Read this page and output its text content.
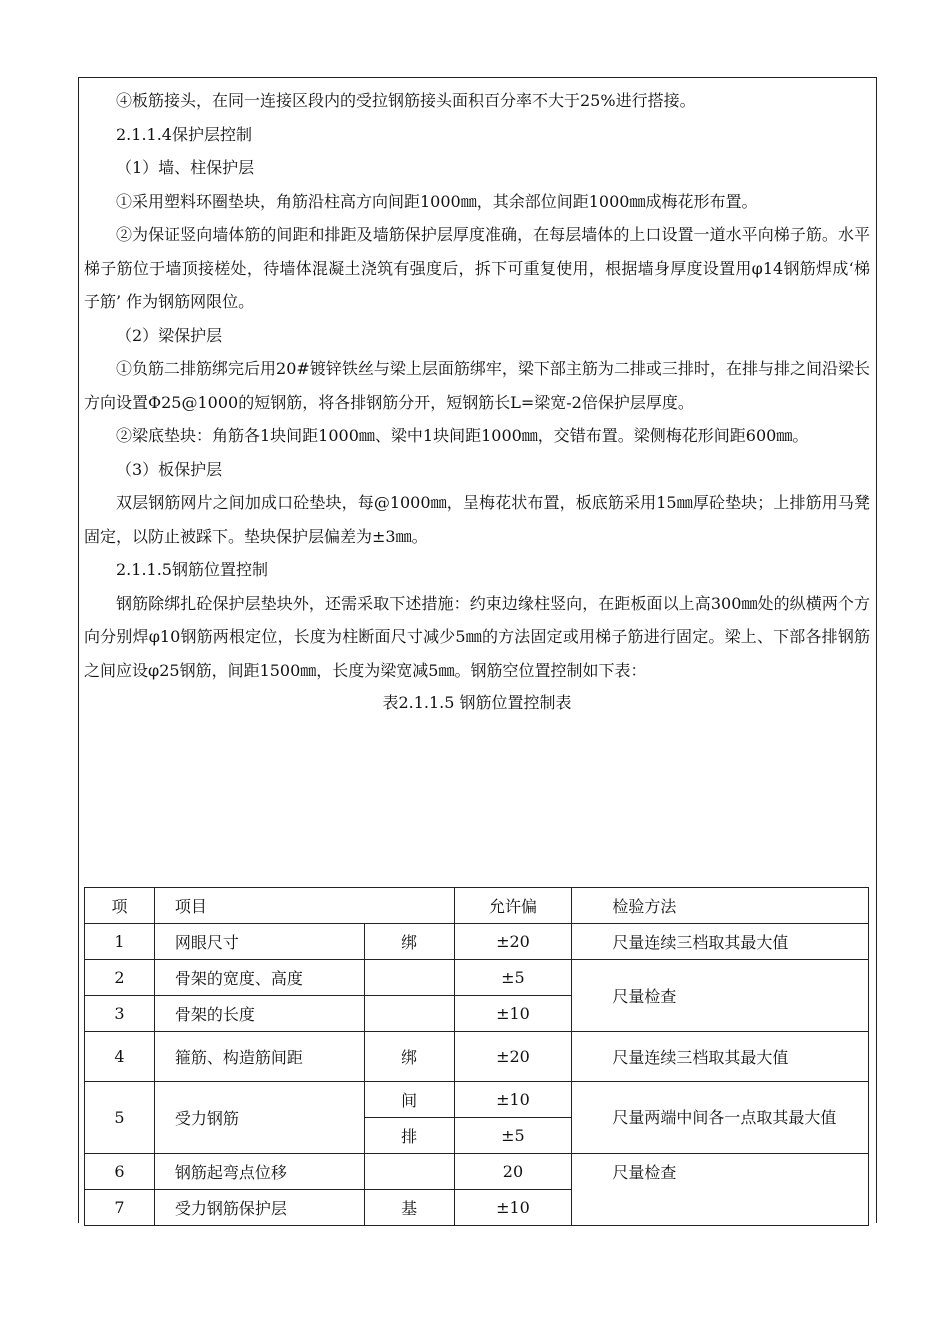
④板筋接头，在同一连接区段内的受拉钢筋接头面积百分率不大于25%进行搭接。

2.1.1.4保护层控制

（1）墙、柱保护层

①采用塑料环圈垫块，角筋沿柱高方向间距1000㎜，其余部位间距1000㎜成梅花形布置。

②为保证竖向墙体筋的间距和排距及墙筋保护层厚度准确，在每层墙体的上口设置一道水平向梯子筋。水平梯子筋位于墙顶接槎处，待墙体混凝土浇筑有强度后，拆下可重复使用，根据墙身厚度设置用φ14钢筋焊成‘梯子筋’ 作为钢筋网限位。

（2）梁保护层

①负筋二排筋绑完后用20#镀锌铁丝与梁上层面筋绑牢，梁下部主筋为二排或三排时，在排与排之间沿梁长方向设置Φ25@1000的短钢筋，将各排钢筋分开，短钢筋长L=梁宽-2倍保护层厚度。

②梁底垫块：角筋各1块间距1000㎜、梁中1块间距1000㎜，交错布置。梁侧梅花形间距600㎜。

（3）板保护层

双层钢筋网片之间加成口砼垫块，每@1000㎜，呈梅花状布置，板底筋采用15㎜厚砼垫块；上排筋用马凳固定，以防止被踩下。垫块保护层偏差为±3㎜。

2.1.1.5钢筋位置控制

钢筋除绑扎砼保护层垫块外，还需采取下述措施：约束边缘柱竖向，在距板面以上高300㎜处的纵横两个方向分别焊φ10钢筋两根定位，长度为柱断面尺寸减少5㎜的方法固定或用梯子筋进行固定。梁上、下部各排钢筋之间应设φ25钢筋，间距1500㎜，长度为梁宽减5㎜。钢筋空位置控制如下表：

表2.1.1.5 钢筋位置控制表

项	项目		允许偏	检验方法
1	网眼尺寸	绑	±20	尺量连续三档取其最大值
2	骨架的宽度、高度		±5	尺量检查
3	骨架的长度		±10	
4	箍筋、构造筋间距	绑	±20	尺量连续三档取其最大值
5	受力钢筋	间	±10	尺量两端中间各一点取其最大值
		排	±5	
6	钢筋起弯点位移		20	尺量检查
7	受力钢筋保护层	基	±10	
